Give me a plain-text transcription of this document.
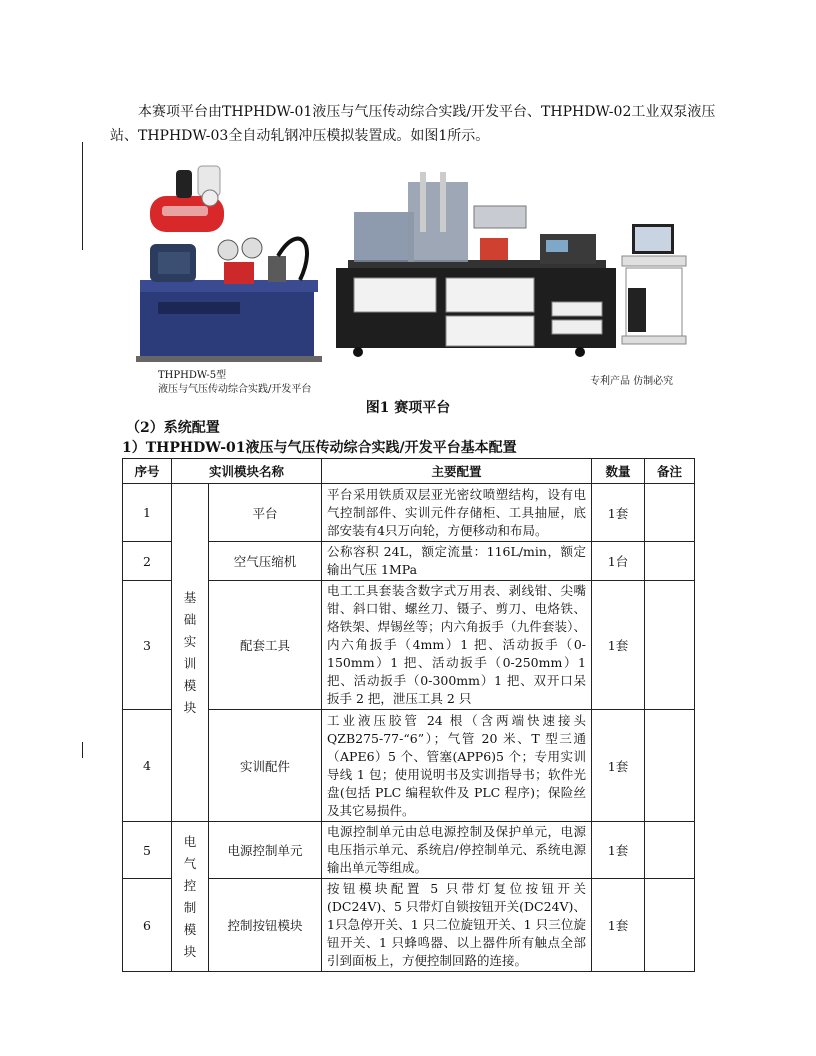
本赛项平台由THPHDW-01液压与气压传动综合实践/开发平台、THPHDW-02工业双泵液压站、THPHDW-03全自动轧钢冲压模拟装置成。如图1所示。

THPHDW-5型
液压与气压传动综合实践/开发平台
专利产品 仿制必究
图1 赛项平台
（2）系统配置
1）THPHDW-01液压与气压传动综合实践/开发平台基本配置
序号	实训模块名称		主要配置	数量	备注
1	基础实训模块	平台	平台采用铁质双层亚光密纹喷塑结构，设有电气控制部件、实训元件存储柜、工具抽屉，底部安装有4只万向轮，方便移动和布局。	1套	
2		空气压缩机	公称容积 24L，额定流量：116L/min，额定输出气压 1MPa	1台	
3		配套工具	电工工具套装含数字式万用表、剥线钳、尖嘴钳、斜口钳、螺丝刀、镊子、剪刀、电烙铁、烙铁架、焊锡丝等；内六角扳手（九件套装）、内六角扳手（4mm）1 把、活动扳手（0-150mm）1 把、活动扳手（0-250mm）1把、活动扳手（0-300mm）1 把、双开口呆扳手 2 把，泄压工具 2 只	1套	
4		实训配件	工业液压胶管 24 根（含两端快速接头QZB275-77-“6”）；气管 20 米、T 型三通（APE6）5 个、管塞(APP6)5 个；专用实训导线 1 包；使用说明书及实训指导书；软件光盘(包括 PLC 编程软件及 PLC 程序)；保险丝及其它易损件。	1套	
5	电气控制模块	电源控制单元	电源控制单元由总电源控制及保护单元，电源电压指示单元、系统启/停控制单元、系统电源输出单元等组成。	1套	
6		控制按钮模块	按钮模块配置 5 只带灯复位按钮开关(DC24V)、5 只带灯自锁按钮开关(DC24V)、1只急停开关、1 只二位旋钮开关、1 只三位旋钮开关、1 只蜂鸣器、以上器件所有触点全部引到面板上，方便控制回路的连接。	1套	
